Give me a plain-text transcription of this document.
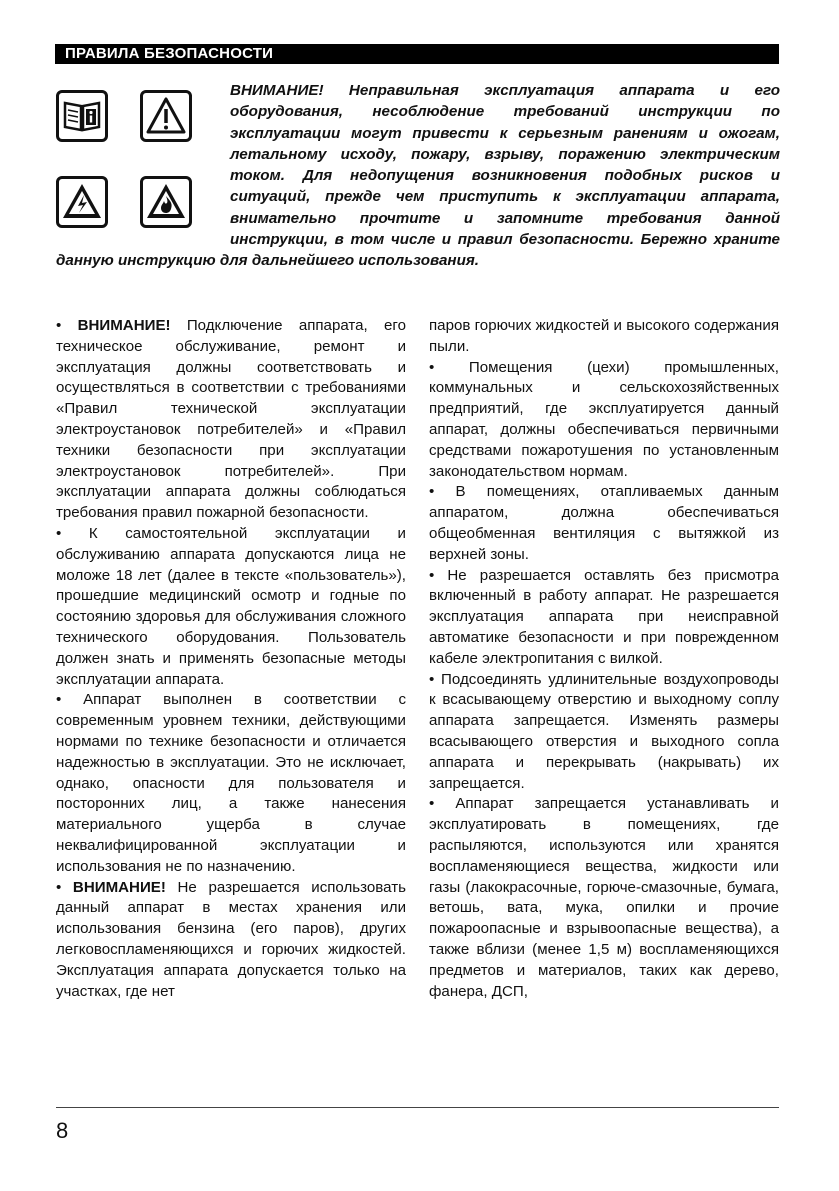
ПРАВИЛА БЕЗОПАСНОСТИ

ВНИМАНИЕ! Неправильная эксплуатация аппарата и его оборудования, несоблюдение требований инструкции по эксплуатации могут привести к серьезным ранениям и ожогам, летальному исходу, пожару, взрыву, поражению электрическим током. Для недопущения возникновения подобных рисков и ситуаций, прежде чем приступить к эксплуатации аппарата, внимательно прочтите и запомните требования данной инструкции, в том числе и правил безопасности. Бережно храните данную инструкцию для дальнейшего использования.

• ВНИМАНИЕ! Подключение аппарата, его техническое обслуживание, ремонт и эксплуатация должны соответствовать и осуществляться в соответствии с требованиями «Правил технической эксплуатации электроустановок потребителей» и «Правил техники безопасности при эксплуатации электроустановок потребителей». При эксплуатации аппарата должны соблюдаться требования правил пожарной безопасности.

• К самостоятельной эксплуатации и обслуживанию аппарата допускаются лица не моложе 18 лет (далее в тексте «пользователь»), прошедшие медицинский осмотр и годные по состоянию здоровья для обслуживания сложного технического оборудования. Пользователь должен знать и применять безопасные методы эксплуатации аппарата.

• Аппарат выполнен в соответствии с современным уровнем техники, действующими нормами по технике безопасности и отличается надежностью в эксплуатации. Это не исключает, однако, опасности для пользователя и посторонних лиц, а также нанесения материального ущерба в случае неквалифицированной эксплуатации и использования не по назначению.

• ВНИМАНИЕ! Не разрешается использовать данный аппарат в местах хранения или использования бензина (его паров), других легковоспламеняющихся и горючих жидкостей. Эксплуатация аппарата допускается только на участках, где нет

паров горючих жидкостей и высокого содержания пыли.

• Помещения (цехи) промышленных, коммунальных и сельскохозяйственных предприятий, где эксплуатируется данный аппарат, должны обеспечиваться первичными средствами пожаротушения по установленным законодательством нормам.

• В помещениях, отапливаемых данным аппаратом, должна обеспечиваться общеобменная вентиляция с вытяжкой из верхней зоны.

• Не разрешается оставлять без присмотра включенный в работу аппарат. Не разрешается эксплуатация аппарата при неисправной автоматике безопасности и при поврежденном кабеле электропитания с вилкой.

• Подсоединять удлинительные воздухопроводы к всасывающему отверстию и выходному соплу аппарата запрещается. Изменять размеры всасывающего отверстия и выходного сопла аппарата и перекрывать (накрывать) их запрещается.

• Аппарат запрещается устанавливать и эксплуатировать в помещениях, где распыляются, используются или хранятся воспламеняющиеся вещества, жидкости или газы (лакокрасочные, горюче-смазочные, бумага, ветошь, вата, мука, опилки и прочие пожароопасные и взрывоопасные вещества), а также вблизи (менее 1,5 м) воспламеняющихся предметов и материалов, таких как дерево, фанера, ДСП,

8
